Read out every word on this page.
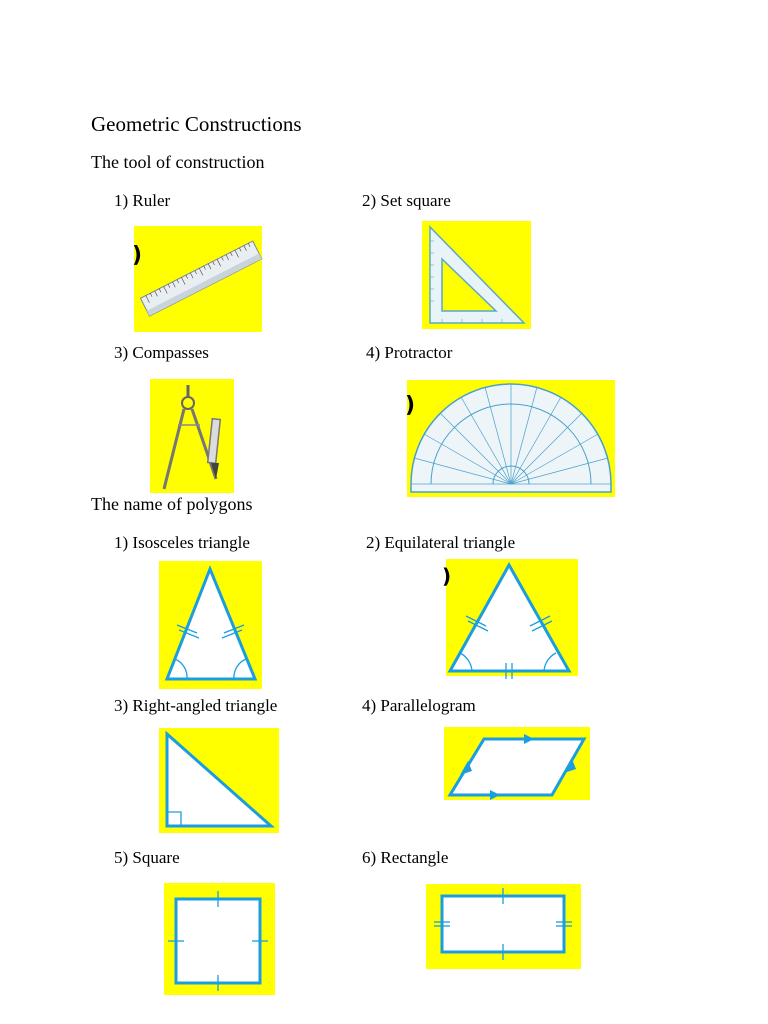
Geometric Constructions
The tool of construction
1) Ruler	2) Set square
)
3) Compasses	4) Protractor
)
The name of polygons
1) Isosceles triangle	2) Equilateral triangle
)
3) Right-angled triangle	4) Parallelogram
5) Square	6) Rectangle
